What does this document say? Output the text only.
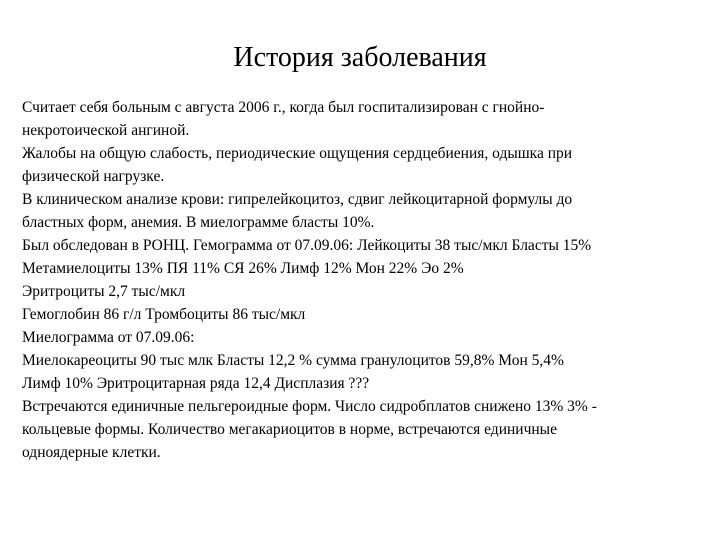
История заболевания

Считает себя больным с августа 2006 г., когда был госпитализирован с гнойно-
некротоической ангиной.

Жалобы на общую слабость, периодические ощущения сердцебиения, одышка при
физической нагрузке.

В клиническом анализе крови: гипрелейкоцитоз, сдвиг лейкоцитарной формулы до
бластных форм, анемия. В миелограмме бласты 10%.

Был обследован в РОНЦ. Гемограмма от 07.09.06: Лейкоциты 38 тыс/мкл Бласты 15%

Метамиелоциты 13% ПЯ 11% СЯ 26% Лимф 12% Мон 22% Эо 2%

Эритроциты 2,7 тыс/мкл

Гемоглобин 86 г/л Тромбоциты 86 тыс/мкл

Миелограмма от 07.09.06:

Миелокареоциты 90 тыс млк Бласты 12,2 % сумма гранулоцитов 59,8% Мон 5,4%
Лимф 10% Эритроцитарная ряда 12,4 Дисплазия ???

Встречаются единичные пельгероидные форм. Число сидробплатов снижено 13% 3% -
кольцевые формы. Количество мегакариоцитов в норме, встречаются единичные
одноядерные клетки.
